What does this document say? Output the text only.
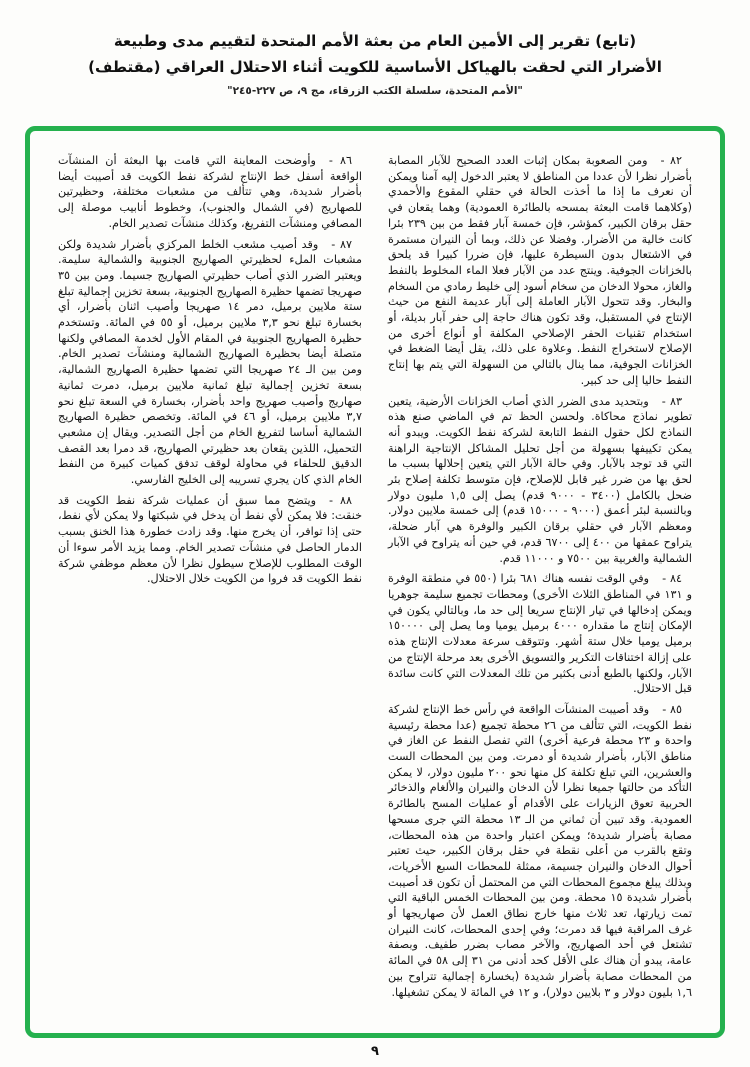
(تابع) تقرير إلى الأمين العام من بعثة الأمم المتحدة لتقييم مدى وطبيعة
الأضرار التي لحقت بالهياكل الأساسية للكويت أثناء الاحتلال العراقي (مقتطف)
"الأمم المتحدة، سلسلة الكتب الزرقاء، مج ٩، ص ٢٢٧-٢٤٥"

٨٢ -ومن الصعوبة بمكان إثبات العدد الصحيح للآبار المصابة بأضرار نظرا لأن عددا من المناطق لا يعتبر الدخول إليه آمنا ويمكن أن نعرف ما إذا ما أخذت الحالة في حقلي المقوع والأحمدي (وكلاهما قامت البعثة بمسحه بالطائرة العمودية) وهما يقعان في حقل برقان الكبير، كمؤشر، فإن خمسة آبار فقط من بين ٢٣٩ بئرا كانت خالية من الأضرار. وفضلا عن ذلك، وبما أن النيران مستمرة في الاشتعال بدون السيطرة عليها، فإن ضررا كبيرا قد يلحق بالخزانات الجوفية. وينتج عدد من الآبار فعلا الماء المخلوط بالنفط والغاز، محولا الدخان من سخام أسود إلى خليط رمادي من السخام والبخار. وقد تتحول الآبار العاملة إلى آبار عديمة النفع من حيث الإنتاج في المستقبل، وقد تكون هناك حاجة إلى حفر آبار بديلة، أو استخدام تقنيات الحفر الإصلاحي المكلفة أو أنواع أخرى من الإصلاح لاستخراج النفط. وعلاوة على ذلك، يقل أيضا الضغط في الخزانات الجوفية، مما ينال بالتالي من السهولة التي يتم بها إنتاج النفط حاليا إلى حد كبير.

٨٣ -وبتحديد مدى الضرر الذي أصاب الخزانات الأرضية، يتعين تطوير نماذج محاكاة. ولحسن الحظ تم في الماضي صنع هذه النماذج لكل حقول النفط التابعة لشركة نفط الكويت. ويبدو أنه يمكن تكييفها بسهولة من أجل تحليل المشاكل الإنتاجية الراهنة التي قد توجد بالآبار. وفي حالة الآبار التي يتعين إحلالها بسبب ما لحق بها من ضرر غير قابل للإصلاح، فإن متوسط تكلفة إصلاح بئر ضحل بالكامل (٣٤٠٠ - ٩٠٠٠ قدم) يصل إلى ١,٥ مليون دولار وبالنسبة لبئر أعمق (٩٠٠٠ - ١٥٠٠٠ قدم) إلى خمسة ملايين دولار. ومعظم الآبار في حقلي برقان الكبير والوفرة هي آبار ضحلة، يتراوح عمقها من ٤٠٠ إلى ٦٧٠٠ قدم، في حين أنه يتراوح في الآبار الشمالية والغربية بين ٧٥٠٠ و ١١٠٠٠ قدم.

٨٤ -وفي الوقت نفسه هناك ٦٨١ بئرا (٥٥٠ في منطقة الوفرة و ١٣١ في المناطق الثلاث الأخرى) ومحطات تجميع سليمة جوهريا ويمكن إدخالها في تيار الإنتاج سريعا إلى حد ما، وبالتالي يكون في الإمكان إنتاج ما مقداره ٤٠٠٠ برميل يوميا وما يصل إلى ١٥٠٠٠٠ برميل يوميا خلال ستة أشهر. وتتوقف سرعة معدلات الإنتاج هذه على إزالة اختناقات التكرير والتسويق الأخرى بعد مرحلة الإنتاج من الآبار، ولكنها بالطبع أدنى بكثير من تلك المعدلات التي كانت سائدة قبل الاحتلال.

٨٥ -وقد أصيبت المنشآت الواقعة في رأس خط الإنتاج لشركة نفط الكويت، التي تتألف من ٢٦ محطة تجميع (عدا محطة رئيسية واحدة و ٢٣ محطة فرعية أخرى) التي تفصل النفط عن الغاز في مناطق الآبار، بأضرار شديدة أو دمرت. ومن بين المحطات الست والعشرين، التي تبلغ تكلفة كل منها نحو ٢٠٠ مليون دولار، لا يمكن التأكد من حالتها جميعا نظرا لأن الدخان والنيران والألغام والذخائر الحربية تعوق الزيارات على الأقدام أو عمليات المسح بالطائرة العمودية. وقد تبين أن ثماني من الـ ١٣ محطة التي جرى مسحها مصابة بأضرار شديدة؛ ويمكن اعتبار واحدة من هذه المحطات، وتقع بالقرب من أعلى نقطة في حقل برقان الكبير، حيث تعتبر أحوال الدخان والنيران جسيمة، ممثلة للمحطات السبع الأخريات، وبذلك يبلغ مجموع المحطات التي من المحتمل أن تكون قد أصيبت بأضرار شديدة ١٥ محطة. ومن بين المحطات الخمس الباقية التي تمت زيارتها، تعد ثلاث منها خارج نطاق العمل لأن صهاريجها أو غرف المراقبة فيها قد دمرت؛ وفي إحدى المحطات، كانت النيران تشتعل في أحد الصهاريج، والآخر مصاب بضرر طفيف. وبصفة عامة، يبدو أن هناك على الأقل كحد أدنى من ٣١ إلى ٥٨ في المائة من المحطات مصابة بأضرار شديدة (بخسارة إجمالية تتراوح بين ١,٦ بليون دولار و ٣ بلايين دولار)، و ١٢ في المائة لا يمكن تشغيلها.

٨٦ -وأوضحت المعاينة التي قامت بها البعثة أن المنشآت الواقعة أسفل خط الإنتاج لشركة نفط الكويت قد أصيبت أيضا بأضرار شديدة، وهي تتألف من مشعبات مختلفة، وحظيرتين للصهاريج (في الشمال والجنوب)، وخطوط أنابيب موصلة إلى المصافي ومنشآت التفريغ، وكذلك منشآت تصدير الخام.

٨٧ -وقد أصيب مشعب الخلط المركزي بأضرار شديدة ولكن مشعبات الملء لحظيرتي الصهاريج الجنوبية والشمالية سليمة. ويعتبر الضرر الذي أصاب حظيرتي الصهاريج جسيما. ومن بين ٣٥ صهريجا تضمها حظيرة الصهاريج الجنوبية، بسعة تخزين إجمالية تبلغ ستة ملايين برميل، دمر ١٤ صهريجا وأصيب اثنان بأضرار، أي بخسارة تبلغ نحو ٣,٣ ملايين برميل، أو ٥٥ في المائة. وتستخدم حظيرة الصهاريج الجنوبية في المقام الأول لخدمة المصافي ولكنها متصلة أيضا بحظيرة الصهاريج الشمالية ومنشآت تصدير الخام. ومن بين الـ ٢٤ صهريجا التي تضمها حظيرة الصهاريج الشمالية، بسعة تخزين إجمالية تبلغ ثمانية ملايين برميل، دمرت ثمانية صهاريج وأصيب صهريج واحد بأضرار، بخسارة في السعة تبلغ نحو ٣,٧ ملايين برميل، أو ٤٦ في المائة. وتخصص حظيرة الصهاريج الشمالية أساسا لتفريغ الخام من أجل التصدير. ويقال إن مشعبي التحميل، اللذين يقعان بعد حظيرتي الصهاريج، قد دمرا بعد القصف الدقيق للحلفاء في محاولة لوقف تدفق كميات كبيرة من النفط الخام الذي كان يجري تسريبه إلى الخليج الفارسي.

٨٨ -ويتضح مما سبق أن عمليات شركة نفط الكويت قد خنقت: فلا يمكن لأي نفط أن يدخل في شبكتها ولا يمكن لأي نفط، حتى إذا توافر، أن يخرج منها. وقد زادت خطورة هذا الخنق بسبب الدمار الحاصل في منشآت تصدير الخام. ومما يزيد الأمر سوءا أن الوقت المطلوب للإصلاح سيطول نظرا لأن معظم موظفي شركة نفط الكويت قد فروا من الكويت خلال الاحتلال.

٩
